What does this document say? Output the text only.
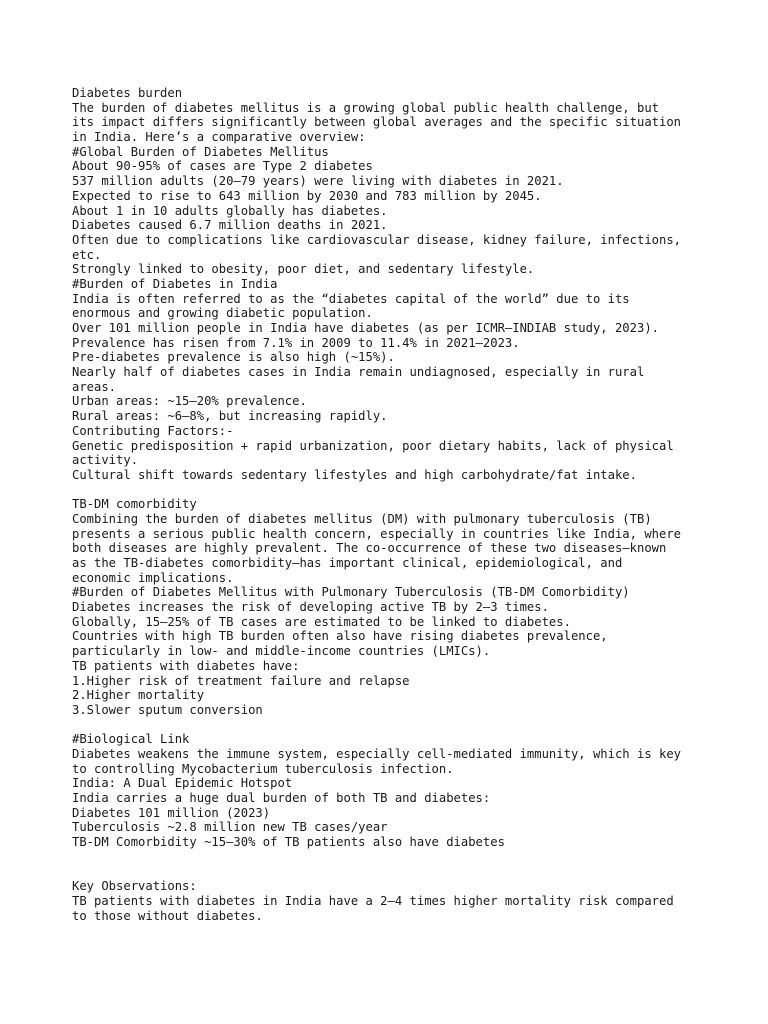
Diabetes burden
The burden of diabetes mellitus is a growing global public health challenge, but
its impact differs significantly between global averages and the specific situation
in India. Here’s a comparative overview:
#Global Burden of Diabetes Mellitus
About 90-95% of cases are Type 2 diabetes
537 million adults (20–79 years) were living with diabetes in 2021.
Expected to rise to 643 million by 2030 and 783 million by 2045.
About 1 in 10 adults globally has diabetes.
Diabetes caused 6.7 million deaths in 2021.
Often due to complications like cardiovascular disease, kidney failure, infections,
etc.
Strongly linked to obesity, poor diet, and sedentary lifestyle.
#Burden of Diabetes in India
India is often referred to as the “diabetes capital of the world” due to its
enormous and growing diabetic population.
Over 101 million people in India have diabetes (as per ICMR–INDIAB study, 2023).
Prevalence has risen from 7.1% in 2009 to 11.4% in 2021–2023.
Pre-diabetes prevalence is also high (~15%).
Nearly half of diabetes cases in India remain undiagnosed, especially in rural
areas.
Urban areas: ~15–20% prevalence.
Rural areas: ~6–8%, but increasing rapidly.
Contributing Factors:-
Genetic predisposition + rapid urbanization, poor dietary habits, lack of physical
activity.
Cultural shift towards sedentary lifestyles and high carbohydrate/fat intake.
TB-DM comorbidity
Combining the burden of diabetes mellitus (DM) with pulmonary tuberculosis (TB)
presents a serious public health concern, especially in countries like India, where
both diseases are highly prevalent. The co-occurrence of these two diseases—known
as the TB-diabetes comorbidity—has important clinical, epidemiological, and
economic implications.
#Burden of Diabetes Mellitus with Pulmonary Tuberculosis (TB-DM Comorbidity)
Diabetes increases the risk of developing active TB by 2–3 times.
Globally, 15–25% of TB cases are estimated to be linked to diabetes.
Countries with high TB burden often also have rising diabetes prevalence,
particularly in low- and middle-income countries (LMICs).
TB patients with diabetes have:
1.Higher risk of treatment failure and relapse
2.Higher mortality
3.Slower sputum conversion
#Biological Link
Diabetes weakens the immune system, especially cell-mediated immunity, which is key
to controlling Mycobacterium tuberculosis infection.
India: A Dual Epidemic Hotspot
India carries a huge dual burden of both TB and diabetes:
Diabetes 101 million (2023)
Tuberculosis ~2.8 million new TB cases/year
TB-DM Comorbidity ~15–30% of TB patients also have diabetes
Key Observations:
TB patients with diabetes in India have a 2–4 times higher mortality risk compared
to those without diabetes.
